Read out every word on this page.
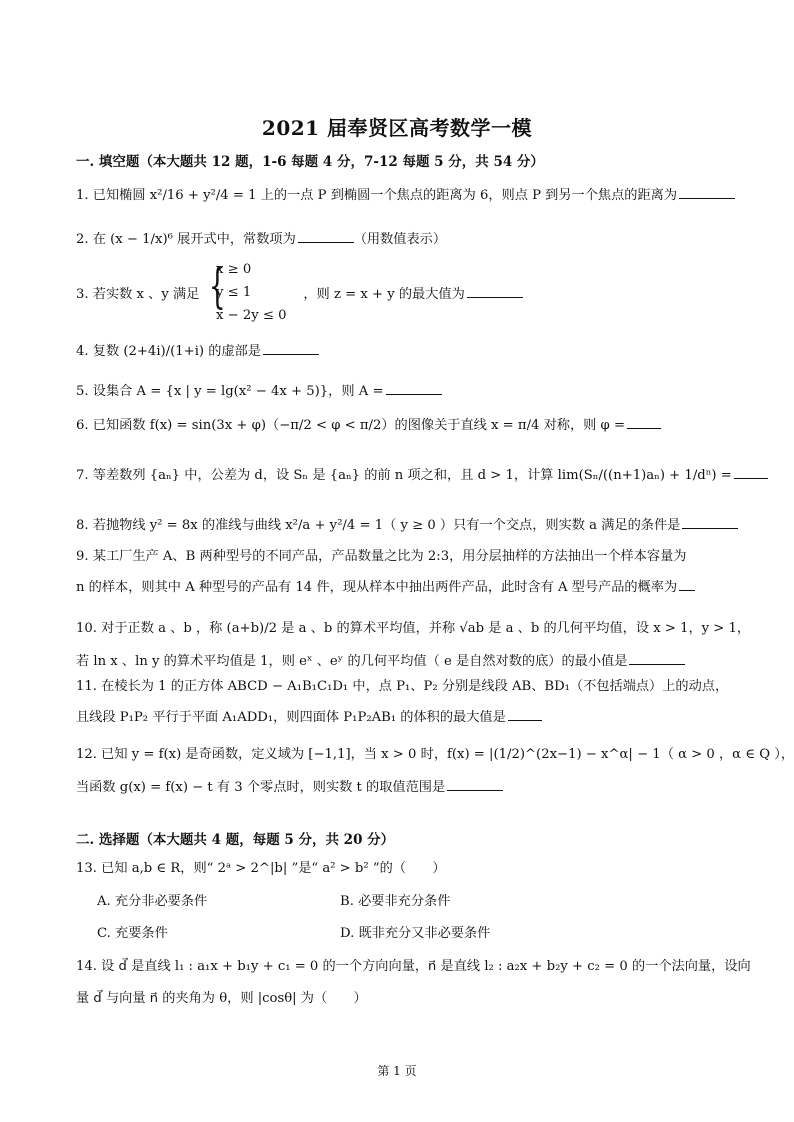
2021 届奉贤区高考数学一模
一. 填空题（本大题共 12 题，1-6 每题 4 分，7-12 每题 5 分，共 54 分）
1. 已知椭圆 x²/16 + y²/4 = 1 上的一点 P 到椭圆一个焦点的距离为 6，则点 P 到另一个焦点的距离为
2. 在 (x − 1/x)⁶ 展开式中，常数项为	（用数值表示）
3. 若实数 x 、y 满足	，则 z = x + y 的最大值为
{
x ≥ 0
y ≤ 1
x − 2y ≤ 0
4. 复数 (2+4i)/(1+i) 的虚部是
5. 设集合 A = {x | y = lg(x² − 4x + 5)}，则 A =
6. 已知函数 f(x) = sin(3x + φ)（−π/2 < φ < π/2）的图像关于直线 x = π/4 对称，则 φ =
7. 等差数列 {aₙ} 中，公差为 d，设 Sₙ 是 {aₙ} 的前 n 项之和，且 d > 1，计算 lim(Sₙ/((n+1)aₙ) + 1/dⁿ) =
8. 若抛物线 y² = 8x 的准线与曲线 x²/a + y²/4 = 1（ y ≥ 0 ）只有一个交点，则实数 a 满足的条件是
9. 某工厂生产 A、B 两种型号的不同产品，产品数量之比为 2:3，用分层抽样的方法抽出一个样本容量为
n 的样本，则其中 A 种型号的产品有 14 件，现从样本中抽出两件产品，此时含有 A 型号产品的概率为
10. 对于正数 a 、b ，称 (a+b)/2 是 a 、b 的算术平均值，并称 √ab 是 a 、b 的几何平均值，设 x > 1，y > 1，
若 ln x 、ln y 的算术平均值是 1，则 eˣ 、eʸ 的几何平均值（ e 是自然对数的底）的最小值是
11. 在棱长为 1 的正方体 ABCD − A₁B₁C₁D₁ 中，点 P₁、P₂ 分别是线段 AB、BD₁（不包括端点）上的动点，
且线段 P₁P₂ 平行于平面 A₁ADD₁，则四面体 P₁P₂AB₁ 的体积的最大值是
12. 已知 y = f(x) 是奇函数，定义域为 [−1,1]，当 x > 0 时，f(x) = |(1/2)^(2x−1) − x^α| − 1（ α > 0 ，α ∈ Q ），
当函数 g(x) = f(x) − t 有 3 个零点时，则实数 t 的取值范围是
二. 选择题（本大题共 4 题，每题 5 分，共 20 分）
13. 已知 a,b ∈ R，则“ 2ᵃ > 2^|b| ”是“ a² > b² ”的（　　）
A. 充分非必要条件	B. 必要非充分条件
C. 充要条件	D. 既非充分又非必要条件
14. 设 d⃗ 是直线 l₁ : a₁x + b₁y + c₁ = 0 的一个方向向量，n⃗ 是直线 l₂ : a₂x + b₂y + c₂ = 0 的一个法向量，设向
量 d⃗ 与向量 n⃗ 的夹角为 θ，则 |cosθ| 为（　　）
第 1 页
